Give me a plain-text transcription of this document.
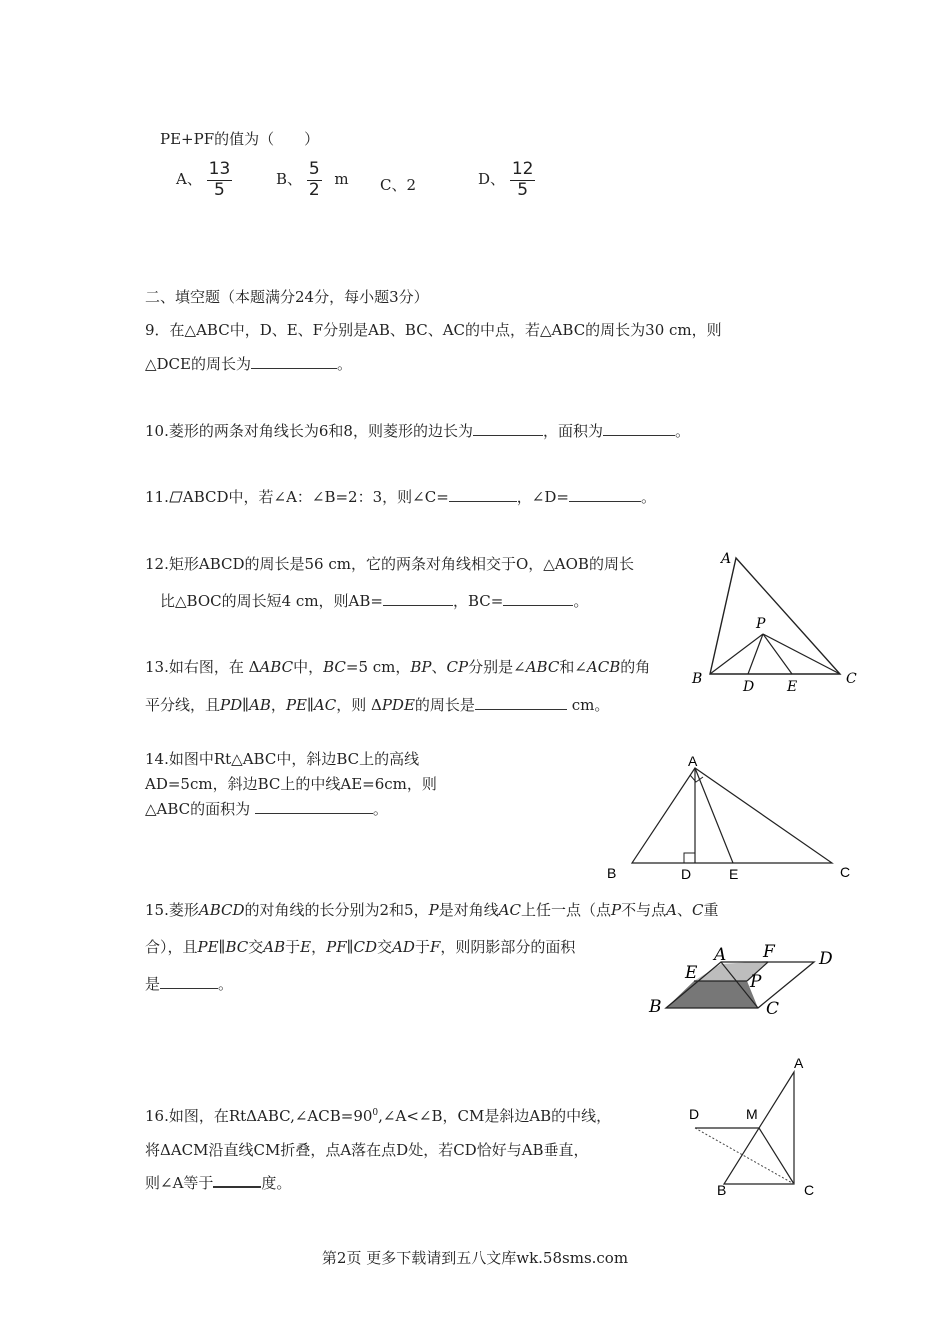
PE+PF的值为（　　）
A、 $\frac{13}{5}$	B、 $\frac{5}{2}$ m C、2	D、 $\frac{12}{5}$
二、填空题（本题满分24分，每小题3分）
9．在△ABC中，D、E、F分别是AB、BC、AC的中点，若△ABC的周长为30 cm，则
△DCE的周长为	。
10.菱形的两条对角线长为6和8，则菱形的边长为	，面积为	。
11. ABCD中，若∠A：∠B=2：3，则∠C=	，∠D=	。
12.矩形ABCD的周长是56 cm，它的两条对角线相交于O，△AOB的周长
比△BOC的周长短4 cm，则AB=	，BC=	。
A
B	C
P
D E
13.如右图，在 ΔABC中，BC=5 cm，BP、CP分别是∠ABC和∠ACB的角
平分线，且PD∥AB，PE∥AC，则 ΔPDE的周长是	cm。
14.如图中Rt△ABC中，斜边BC上的高线
AD=5cm，斜边BC上的中线AE=6cm，则
△ABC的面积为	。
A
B	C
D	E
15.菱形ABCD的对角线的长分别为2和5，P是对角线AC上任一点（点P不与点A、C重
合），且PE∥BC交AB于E，PF∥CD交AD于F，则阴影部分的面积
是	。
A F	D
E	P
B	C
16.如图，在$Rt\Delta ABC,\angle ACB=90^0,\angle A<\angle B$，CM是斜边AB的中线，
将ΔACM沿直线CM折叠，点A落在点D处，若CD恰好与AB垂直，
则∠A等于	度。
A
D	M
B	C
第2页 更多下载请到五八文库wk.58sms.com
